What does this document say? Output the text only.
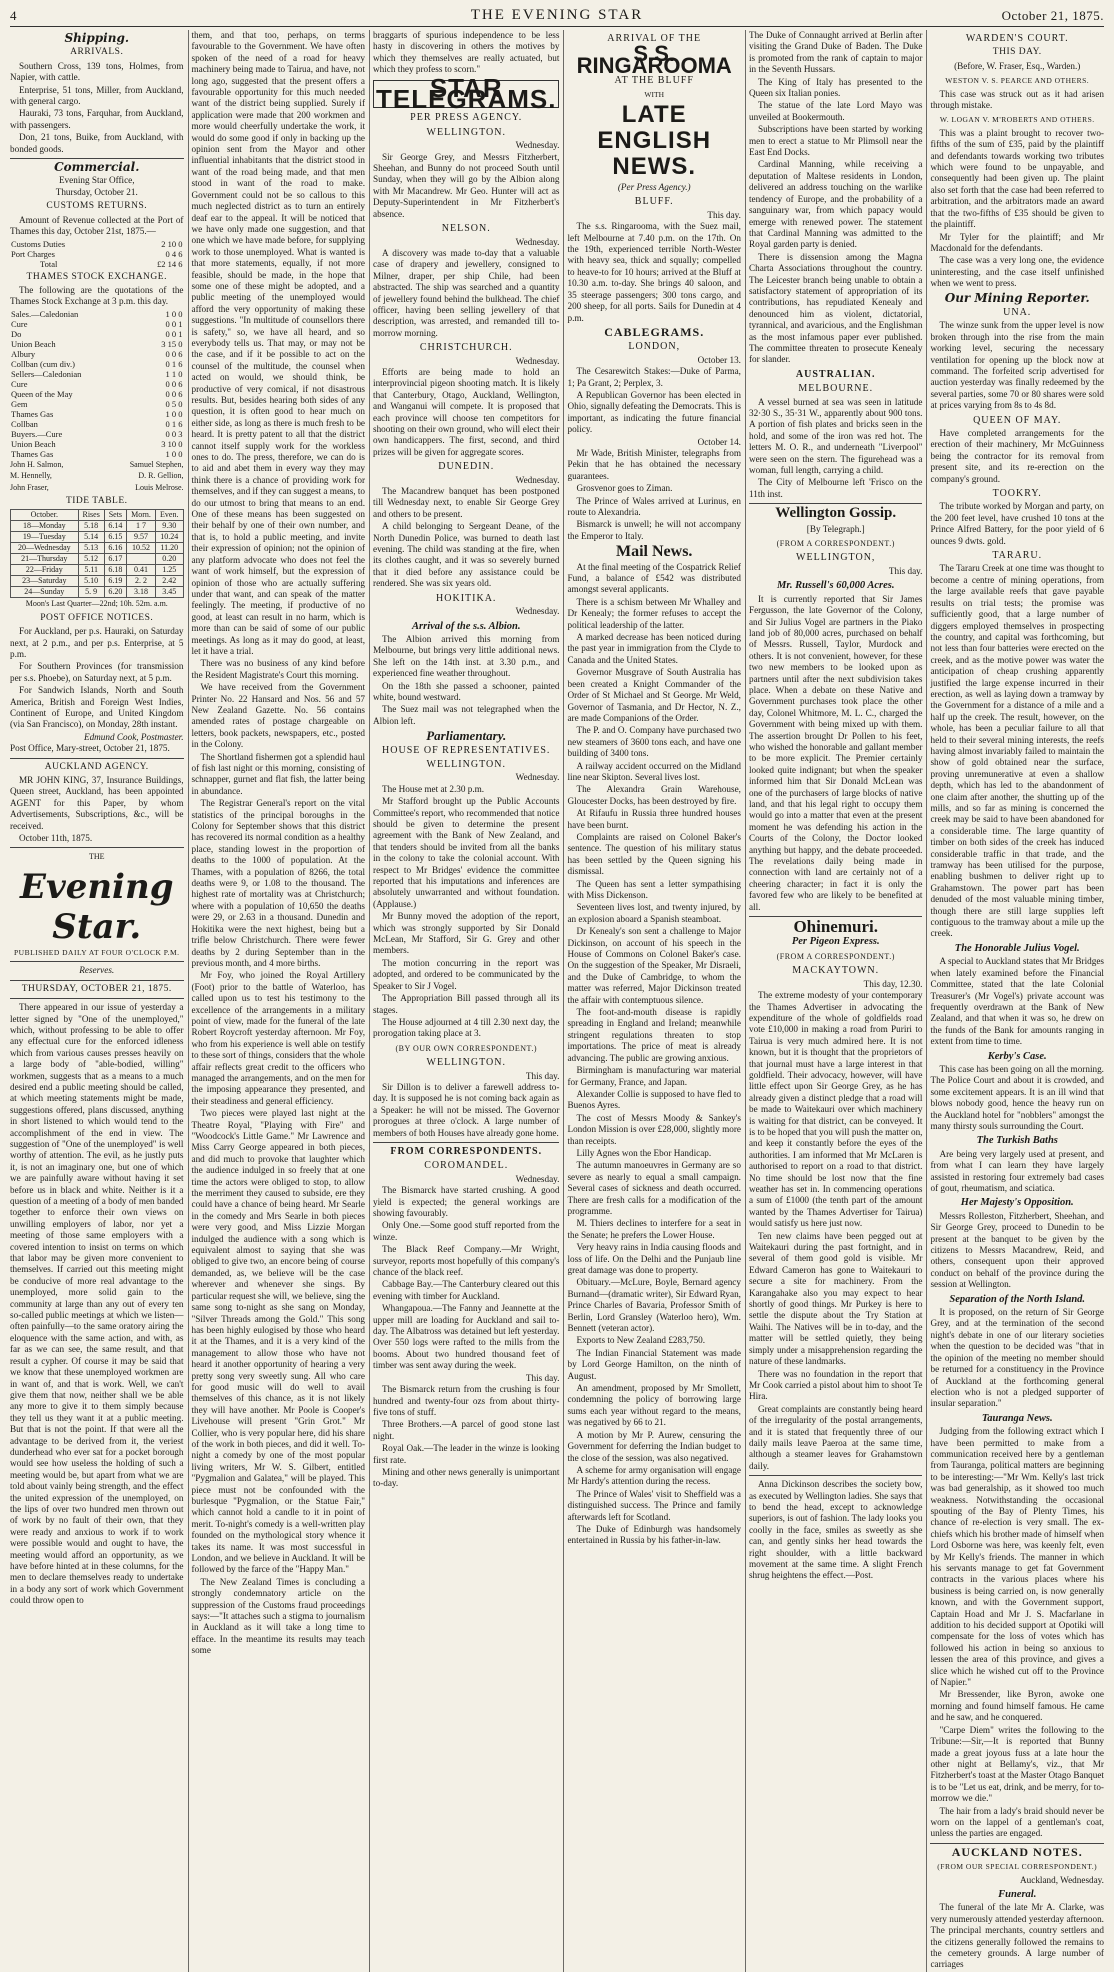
4	THE EVENING STAR	October 21, 1875.
Shipping.
ARRIVALS.

Southern Cross, 139 tons, Holmes, from Napier, with cattle.

Enterprise, 51 tons, Miller, from Auckland, with general cargo.

Hauraki, 73 tons, Farquhar, from Auckland, with passengers.

Don, 21 tons, Buike, from Auckland, with bonded goods.

Commercial.
Evening Star Office,
Thursday, October 21.
CUSTOMS RETURNS.

Amount of Revenue collected at the Port of Thames this day, October 21st, 1875.—

Customs Duties	2 10 0
Port Charges	0 4 6
Total	£2 14 6
THAMES STOCK EXCHANGE.

The following are the quotations of the Thames Stock Exchange at 3 p.m. this day.

Sales.—Caledonian	1 0 0
Cure	0 0 1
Do	0 0 1
Union Beach	3 15 0
Albury	0 0 6
Collban (cum div.)	0 1 6
Sellers—Caledonian	1 1 0
Cure	0 0 6
Queen of the May	0 0 6
Gem	0 5 0
Thames Gas	1 0 0
Collban	0 1 6
Buyers.—Cure	0 0 3
Union Beach	3 10 0
Thames Gas	1 0 0
John H. Salmon,	Samuel Stephen,
M. Hennelly,	D. R. Gellion,
John Fraser,	Louis Melrose.
TIDE TABLE.
October.	Rises	Sets	Morn.	Even.
18—Monday	5.18	6.14	1 7	9.30
19—Tuesday	5.14	6.15	9.57	10.24
20—Wednesday	5.13	6.16	10.52	11.20
21—Thursday	5.12	6.17		0.20
22—Friday	5.11	6.18	0.41	1.25
23—Saturday	5.10	6.19	2. 2	2.42
24—Sunday	5. 9	6.20	3.18	3.45
Moon's Last Quarter—22nd; 10h. 52m. a.m.
POST OFFICE NOTICES.

For Auckland, per p.s. Hauraki, on Saturday next, at 2 p.m., and per p.s. Enterprise, at 5 p.m.

For Southern Provinces (for transmission per s.s. Phoebe), on Saturday next, at 5 p.m.

For Sandwich Islands, North and South America, British and Foreign West Indies, Continent of Europe, and United Kingdom (via San Francisco), on Monday, 28th instant.

Edmund Cook, Postmaster.

Post Office, Mary-street, October 21, 1875.

AUCKLAND AGENCY.

MR JOHN KING, 37, Insurance Buildings, Queen street, Auckland, has been appointed AGENT for this Paper, by whom Advertisements, Subscriptions, &c., will be received.

October 11th, 1875.

THE
Evening Star.
PUBLISHED DAILY AT FOUR O'CLOCK P.M.
Reserves.
THURSDAY, OCTOBER 21, 1875.

There appeared in our issue of yesterday a letter signed by "One of the unemployed," which, without professing to be able to offer any effectual cure for the enforced idleness which from various causes presses heavily on a large body of "able-bodied, willing" workmen, suggests that as a means to a much desired end a public meeting should be called, at which meeting statements might be made, suggestions offered, plans discussed, anything in short listened to which would tend to the accomplishment of the end in view. The suggestion of "One of the unemployed" is well worthy of attention. The evil, as he justly puts it, is not an imaginary one, but one of which we are painfully aware without having it set before us in black and white. Neither is it a question of a meeting of a body of men banded together to enforce their own views on unwilling employers of labor, nor yet a meeting of those same employers with a covered intention to insist on terms on which that labor may be given more convenient to themselves. If carried out this meeting might be conducive of more real advantage to the unemployed, more solid gain to the community at large than any out of every ten so-called public meetings at which we listen—often painfully—to the same oratory airing the eloquence with the same action, and with, as far as we can see, the same result, and that result a cypher. Of course it may be said that we know that these unemployed workmen are in want of, and that is work. Well, we can't give them that now, neither shall we be able any more to give it to them simply because they tell us they want it at a public meeting. But that is not the point. If that were all the advantage to be derived from it, the veriest dunderhead who ever sat for a pocket borough would see how useless the holding of such a meeting would be, but apart from what we are told about vainly being strength, and the effect the united expression of the unemployed, on the lips of over two hundred men thrown out of work by no fault of their own, that they were ready and anxious to work if to work were possible would and ought to have, the meeting would afford an opportunity, as we have before hinted at in these columns, for the men to declare themselves ready to undertake in a body any sort of work which Government could throw open to

them, and that too, perhaps, on terms favourable to the Government. We have often spoken of the need of a road for heavy machinery being made to Tairua, and have, not long ago, suggested that the present offers a favourable opportunity for this much needed want of the district being supplied. Surely if application were made that 200 workmen and more would cheerfully undertake the work, it would do some good if only in backing up the opinion sent from the Mayor and other influential inhabitants that the district stood in want of the road being made, and that men stood in want of the road to make. Government could not be so callous to this much neglected district as to turn an entirely deaf ear to the appeal. It will be noticed that we have only made one suggestion, and that one which we have made before, for supplying work to those unemployed. What is wanted is that more statements, equally, if not more feasible, should be made, in the hope that some one of these might be adopted, and a public meeting of the unemployed would afford the very opportunity of making these suggestions. "In multitude of counsellors there is safety," so, we have all heard, and so everybody tells us. That may, or may not be the case, and if it be possible to act on the counsel of the multitude, the counsel when acted on would, we should think, be productive of very comical, if not disastrous results. But, besides hearing both sides of any question, it is often good to hear much on either side, as long as there is much fresh to be heard. It is pretty patent to all that the district cannot itself supply work for the workless ones to do. The press, therefore, we can do is to aid and abet them in every way they may think there is a chance of providing work for themselves, and if they can suggest a means, to do our utmost to bring that means to an end. One of these means has been suggested on their behalf by one of their own number, and that is, to hold a public meeting, and invite their expression of opinion; not the opinion of any platform advocate who does not feel the want of work himself, but the expression of opinion of those who are actually suffering under that want, and can speak of the matter feelingly. The meeting, if productive of no good, at least can result in no harm, which is more than can be said of some of our public meetings. As long as it may do good, at least, let it have a trial.

There was no business of any kind before the Resident Magistrate's Court this morning.

We have received from the Government Printer No. 22 Hansard and Nos. 56 and 57 New Zealand Gazette. No. 56 contains amended rates of postage chargeable on letters, book packets, newspapers, etc., posted in the Colony.

The Shortland fishermen got a splendid haul of fish last night or this morning, consisting of schnapper, gurnet and flat fish, the latter being in abundance.

The Registrar General's report on the vital statistics of the principal boroughs in the Colony for September shows that this district has recovered its normal condition as a healthy place, standing lowest in the proportion of deaths to the 1000 of population. At the Thames, with a population of 8266, the total deaths were 9, or 1.08 to the thousand. The highest rate of mortality was at Christchurch; where with a population of 10,650 the deaths were 29, or 2.63 in a thousand. Dunedin and Hokitika were the next highest, being but a trifle below Christchurch. There were fewer deaths by 2 during September than in the previous month, and 4 more births.

Mr Foy, who joined the Royal Artillery (Foot) prior to the battle of Waterloo, has called upon us to test his testimony to the excellence of the arrangements in a military point of view, made for the funeral of the late Robert Roycroft yesterday afternoon. Mr Foy, who from his experience is well able on testify to these sort of things, considers that the whole affair reflects great credit to the officers who managed the arrangements, and on the men for the imposing appearance they presented, and their steadiness and general efficiency.

Two pieces were played last night at the Theatre Royal, "Playing with Fire" and "Woodcock's Little Game." Mr Lawrence and Miss Carry George appeared in both pieces, and did much to provoke that laughter which the audience indulged in so freely that at one time the actors were obliged to stop, to allow the merriment they caused to subside, ere they could have a chance of being heard. Mr Searle in the comedy and Mrs Searle in both pieces were very good, and Miss Lizzie Morgan indulged the audience with a song which is equivalent almost to saying that she was obliged to give two, an encore being of course demanded, as, we believe will be the case wherever and whenever she sings. By particular request she will, we believe, sing the same song to-night as she sang on Monday, "Silver Threads among the Gold." This song has been highly eulogised by those who heard it at the Thames, and it is a very kind of the management to allow those who have not heard it another opportunity of hearing a very pretty song very sweetly sung. All who care for good music will do well to avail themselves of this chance, as it is not likely they will have another. Mr Poole is Cooper's Livehouse will present "Grin Grot." Mr Collier, who is very popular here, did his share of the work in both pieces, and did it well. To-night a comedy by one of the most popular living writers, Mr W. S. Gilbert, entitled "Pygmalion and Galatea," will be played. This piece must not be confounded with the burlesque "Pygmalion, or the Statue Fair," which cannot hold a candle to it in point of merit. To-night's comedy is a well-written play founded on the mythological story whence it takes its name. It was most successful in London, and we believe in Auckland. It will be followed by the farce of the "Happy Man."

The New Zealand Times is concluding a strongly condemnatory article on the suppression of the Customs fraud proceedings says:—"It attaches such a stigma to journalism in Auckland as it will take a long time to efface. In the meantime its results may teach some

braggarts of spurious independence to be less hasty in discovering in others the motives by which they themselves are really actuated, but which they profess to scorn."

STAR TELEGRAMS.
PER PRESS AGENCY.
WELLINGTON.
Wednesday.

Sir George Grey, and Messrs Fitzherbert, Sheehan, and Bunny do not proceed South until Sunday, when they will go by the Albion along with Mr Macandrew. Mr Geo. Hunter will act as Deputy-Superintendent in Mr Fitzherbert's absence.

NELSON.
Wednesday.

A discovery was made to-day that a valuable case of drapery and jewellery, consigned to Milner, draper, per ship Chile, had been abstracted. The ship was searched and a quantity of jewellery found behind the bulkhead. The chief officer, having been selling jewellery of that description, was arrested, and remanded till to-morrow morning.

CHRISTCHURCH.
Wednesday.

Efforts are being made to hold an interprovincial pigeon shooting match. It is likely that Canterbury, Otago, Auckland, Wellington, and Wanganui will compete. It is proposed that each province will choose ten competitors for shooting on their own ground, who will elect their own handicappers. The first, second, and third prizes will be given for aggregate scores.

DUNEDIN.
Wednesday.

The Macandrew banquet has been postponed till Wednesday next, to enable Sir George Grey and others to be present.

A child belonging to Sergeant Deane, of the North Dunedin Police, was burned to death last evening. The child was standing at the fire, when its clothes caught, and it was so severely burned that it died before any assistance could be rendered. She was six years old.

HOKITIKA.
Wednesday.
Arrival of the s.s. Albion.

The Albion arrived this morning from Melbourne, but brings very little additional news. She left on the 14th inst. at 3.30 p.m., and experienced fine weather throughout.

On the 18th she passed a schooner, painted white, bound westward.

The Suez mail was not telegraphed when the Albion left.

Parliamentary.
HOUSE OF REPRESENTATIVES.
WELLINGTON.
Wednesday.

The House met at 2.30 p.m.

Mr Stafford brought up the Public Accounts Committee's report, who recommended that notice should be given to determine the present agreement with the Bank of New Zealand, and that tenders should be invited from all the banks in the colony to take the colonial account. With respect to Mr Bridges' evidence the committee reported that his imputations and inferences are absolutely unwarranted and without foundation. (Applause.)

Mr Bunny moved the adoption of the report, which was strongly supported by Sir Donald McLean, Mr Stafford, Sir G. Grey and other members.

The motion concurring in the report was adopted, and ordered to be communicated by the Speaker to Sir J Vogel.

The Appropriation Bill passed through all its stages.

The House adjourned at 4 till 2.30 next day, the prorogation taking place at 3.

(BY OUR OWN CORRESPONDENT.)
WELLINGTON.
This day.

Sir Dillon is to deliver a farewell address to-day. It is supposed he is not coming back again as a Speaker: he will not be missed. The Governor prorogues at three o'clock. A large number of members of both Houses have already gone home.

FROM CORRESPONDENTS.
COROMANDEL.
Wednesday.

The Bismarck have started crushing. A good yield is expected; the general workings are showing favourably.

Only One.—Some good stuff reported from the winze.

The Black Reef Company.—Mr Wright, surveyor, reports most hopefully of this company's chance of the black reef.

Cabbage Bay.—The Canterbury cleared out this evening with timber for Auckland.

Whangapoua.—The Fanny and Jeannette at the upper mill are loading for Auckland and sail to-day. The Albatross was detained but left yesterday. Over 550 logs were rafted to the mills from the booms. About two hundred thousand feet of timber was sent away during the week.

This day.

The Bismarck return from the crushing is four hundred and twenty-four ozs from about thirty-five tons of stuff.

Three Brothers.—A parcel of good stone last night.

Royal Oak.—The leader in the winze is looking first rate.

Mining and other news generally is unimportant to-day.

ARRIVAL OF THE
S.S. RINGAROOMA
AT THE BLUFF
WITH
LATE ENGLISH NEWS.
(Per Press Agency.)
BLUFF.
This day.

The s.s. Ringarooma, with the Suez mail, left Melbourne at 7.40 p.m. on the 17th. On the 19th, experienced terrible North-Wester with heavy sea, thick and squally; compelled to heave-to for 10 hours; arrived at the Bluff at 10.30 a.m. to-day. She brings 40 saloon, and 35 steerage passengers; 300 tons cargo, and 200 sheep, for all ports. Sails for Dunedin at 4 p.m.

CABLEGRAMS.
LONDON,
October 13.

The Cesarewitch Stakes:—Duke of Parma, 1; Pa Grant, 2; Perplex, 3.

A Republican Governor has been elected in Ohio, signally defeating the Democrats. This is important, as indicating the future financial policy.

October 14.

Mr Wade, British Minister, telegraphs from Pekin that he has obtained the necessary guarantees.

Grosvenor goes to Ziman.

The Prince of Wales arrived at Lurinus, en route to Alexandria.

Bismarck is unwell; he will not accompany the Emperor to Italy.

Mail News.

At the final meeting of the Cospatrick Relief Fund, a balance of £542 was distributed amongst several applicants.

There is a schism between Mr Whalley and Dr Kenealy; the former refuses to accept the political leadership of the latter.

A marked decrease has been noticed during the past year in immigration from the Clyde to Canada and the United States.

Governor Musgrave of South Australia has been created a Knight Commander of the Order of St Michael and St George. Mr Weld, Governor of Tasmania, and Dr Hector, N. Z., are made Companions of the Order.

The P. and O. Company have purchased two new steamers of 3600 tons each, and have one building of 3400 tons.

A railway accident occurred on the Midland line near Skipton. Several lives lost.

The Alexandra Grain Warehouse, Gloucester Docks, has been destroyed by fire.

At Rifaufu in Russia three hundred houses have been burnt.

Complaints are raised on Colonel Baker's sentence. The question of his military status has been settled by the Queen signing his dismissal.

The Queen has sent a letter sympathising with Miss Dickenson.

Seventeen lives lost, and twenty injured, by an explosion aboard a Spanish steamboat.

Dr Kenealy's son sent a challenge to Major Dickinson, on account of his speech in the House of Commons on Colonel Baker's case. On the suggestion of the Speaker, Mr Disraeli, and the Duke of Cambridge, to whom the matter was referred, Major Dickinson treated the affair with contemptuous silence.

The foot-and-mouth disease is rapidly spreading in England and Ireland; meanwhile stringent regulations threaten to stop importations. The price of meat is already advancing. The public are growing anxious.

Birmingham is manufacturing war material for Germany, France, and Japan.

Alexander Collie is supposed to have fled to Buenos Ayres.

The cost of Messrs Moody & Sankey's London Mission is over £28,000, slightly more than receipts.

Lilly Agnes won the Ebor Handicap.

The autumn manoeuvres in Germany are so severe as nearly to equal a small campaign. Several cases of sickness and death occurred. There are fresh calls for a modification of the programme.

M. Thiers declines to interfere for a seat in the Senate; he prefers the Lower House.

Very heavy rains in India causing floods and loss of life. On the Delhi and the Punjaub line great damage was done to property.

Obituary.—McLure, Boyle, Bernard agency Burnand—(dramatic writer), Sir Edward Ryan, Prince Charles of Bavaria, Professor Smith of Berlin, Lord Gransley (Waterloo hero), Wm. Bennett (veteran actor).

Exports to New Zealand £283,750.

The Indian Financial Statement was made by Lord George Hamilton, on the ninth of August.

An amendment, proposed by Mr Smollett, condemning the policy of borrowing large sums each year without regard to the means, was negatived by 66 to 21.

A motion by Mr P. Aurew, censuring the Government for deferring the Indian budget to the close of the session, was also negatived.

A scheme for army organisation will engage Mr Hardy's attention during the recess.

The Prince of Wales' visit to Sheffield was a distinguished success. The Prince and family afterwards left for Scotland.

The Duke of Edinburgh was handsomely entertained in Russia by his father-in-law.

The Duke of Connaught arrived at Berlin after visiting the Grand Duke of Baden. The Duke is promoted from the rank of captain to major in the Seventh Hussars.

The King of Italy has presented to the Queen six Italian ponies.

The statue of the late Lord Mayo was unveiled at Bookermouth.

Subscriptions have been started by working men to erect a statue to Mr Plimsoll near the East End Docks.

Cardinal Manning, while receiving a deputation of Maltese residents in London, delivered an address touching on the warlike tendency of Europe, and the probability of a sanguinary war, from which papacy would emerge with renewed power. The statement that Cardinal Manning was admitted to the Royal garden party is denied.

There is dissension among the Magna Charta Associations throughout the country. The Leicester branch being unable to obtain a satisfactory statement of appropriation of its contributions, has repudiated Kenealy and denounced him as violent, dictatorial, tyrannical, and avaricious, and the Englishman as the most infamous paper ever published. The committee threaten to prosecute Kenealy for slander.

AUSTRALIAN.
MELBOURNE.

A vessel burned at sea was seen in latitude 32·30 S., 35·31 W., apparently about 900 tons. A portion of fish plates and bricks seen in the hold, and some of the iron was red hot. The letters M. O. R., and underneath "Liverpool" were seen on the stern. The figurehead was a woman, full length, carrying a child.

The City of Melbourne left 'Frisco on the 11th inst.

Wellington Gossip.
[By Telegraph.]
(FROM A CORRESPONDENT.)
WELLINGTON,
This day.
Mr. Russell's 60,000 Acres.

It is currently reported that Sir James Fergusson, the late Governor of the Colony, and Sir Julius Vogel are partners in the Piako land job of 80,000 acres, purchased on behalf of Messrs. Russell, Taylor, Murdock and others. It is not convenient, however, for these two new members to be looked upon as partners until after the next subdivision takes place. When a debate on these Native and Government purchases took place the other day, Colonel Whitmore, M. L. C., charged the Government with being mixed up with them. The assertion brought Dr Pollen to his feet, who wished the honorable and gallant member to be more explicit. The Premier certainly looked quite indignant; but when the speaker informed him that Sir Donald McLean was one of the purchasers of large blocks of native land, and that his legal right to occupy them would go into a matter that even at the present moment he was defending his action in the Courts of the Colony, the Doctor looked anything but happy, and the debate proceeded. The revelations daily being made in connection with land are certainly not of a cheering character; in fact it is only the favored few who are likely to be benefited at all.

Ohinemuri.
Per Pigeon Express.
(FROM A CORRESPONDENT.)
MACKAYTOWN.
This day, 12.30.

The extreme modesty of your contemporary the Thames Advertiser in advocating the expenditure of the whole of goldfields road vote £10,000 in making a road from Puriri to Tairua is very much admired here. It is not known, but it is thought that the proprietors of that journal must have a large interest in that goldfield. Their advocacy, however, will have little effect upon Sir George Grey, as he has already given a distinct pledge that a road will be made to Waitekauri over which machinery is waiting for that district, can be conveyed. It is to be hoped that you will push the matter on, and keep it constantly before the eyes of the authorities. I am informed that Mr McLaren is authorised to report on a road to that district. No time should be lost now that the fine weather has set in. In commencing operations a sum of £1000 (the tenth part of the amount wanted by the Thames Advertiser for Tairua) would satisfy us here just now.

Ten new claims have been pegged out at Waitekauri during the past fortnight, and in several of them good gold is visible. Mr Edward Cameron has gone to Waitekauri to secure a site for machinery. From the Karangahake also you may expect to hear shortly of good things. Mr Purkey is here to settle the dispute about the Try Station at Waihi. The Natives will be in to-day, and the matter will be settled quietly, they being simply under a misapprehension regarding the nature of these landmarks.

There was no foundation in the report that Mr Cook carried a pistol about him to shoot Te Hira.

Great complaints are constantly being heard of the irregularity of the postal arrangements, and it is stated that frequently three of our daily mails leave Paeroa at the same time, although a steamer leaves for Grahamstown daily.

Anna Dickinson describes the society bow, as executed by Wellington ladies. She says that to bend the head, except to acknowledge superiors, is out of fashion. The lady looks you coolly in the face, smiles as sweetly as she can, and gently sinks her head towards the right shoulder, with a little backward movement at the same time. A slight French shrug heightens the effect.—Post.

WARDEN'S COURT.
THIS DAY.
(Before, W. Fraser, Esq., Warden.)
WESTON V. S. PEARCE AND OTHERS.

This case was struck out as it had arisen through mistake.

W. LOGAN V. M'ROBERTS AND OTHERS.

This was a plaint brought to recover two-fifths of the sum of £35, paid by the plaintiff and defendants towards working two tributes which were found to be unpayable, and consequently had been given up. The plaint also set forth that the case had been referred to arbitration, and the arbitrators made an award that the two-fifths of £35 should be given to the plaintiff.

Mr Tyler for the plaintiff; and Mr Macdonald for the defendants.

The case was a very long one, the evidence uninteresting, and the case itself unfinished when we went to press.

Our Mining Reporter.
UNA.

The winze sunk from the upper level is now broken through into the rise from the main working level, securing the necessary ventilation for opening up the block now at command. The forfeited scrip advertised for auction yesterday was finally redeemed by the several parties, some 70 or 80 shares were sold at prices varying from 8s to 4s 8d.

QUEEN OF MAY.

Have completed arrangements for the erection of their machinery, Mr McGuinness being the contractor for its removal from present site, and its re-erection on the company's ground.

TOOKRY.

The tribute worked by Morgan and party, on the 200 feet level, have crushed 10 tons at the Prince Alfred Battery, for the poor yield of 6 ounces 9 dwts. gold.

TARARU.

The Tararu Creek at one time was thought to become a centre of mining operations, from the large available reefs that gave payable results on trial tests; the promise was sufficiently good, that a large number of diggers employed themselves in prospecting the country, and capital was forthcoming, but not less than four batteries were erected on the creek, and as the motive power was water the anticipation of cheap crushing apparently justified the large expense incurred in their erection, as well as laying down a tramway by the Government for a distance of a mile and a half up the creek. The result, however, on the whole, has been a peculiar failure to all that held to their several mining interests, the reefs having almost invariably failed to maintain the show of gold obtained near the surface, proving unremunerative at even a shallow depth, which has led to the abandonment of one claim after another, the shutting up of the mills, and so far as mining is concerned the creek may be said to have been abandoned for a considerable time. The large quantity of timber on both sides of the creek has induced considerable traffic in that trade, and the tramway has been utilised for the purpose, enabling bushmen to deliver right up to Grahamstown. The power part has been denuded of the most valuable mining timber, though there are still large supplies left contiguous to the tramway about a mile up the creek.

The Honorable Julius Vogel.

A special to Auckland states that Mr Bridges when lately examined before the Financial Committee, stated that the late Colonial Treasurer's (Mr Vogel's) private account was frequently overdrawn at the Bank of New Zealand, and that when it was so, he drew on the funds of the Bank for amounts ranging in extent from time to time.

Kerby's Case.

This case has been going on all the morning. The Police Court and about it is crowded, and some excitement appears. It is an ill wind that blows nobody good, hence the heavy run on the Auckland hotel for "nobblers" amongst the many thirsty souls surrounding the Court.

The Turkish Baths

Are being very largely used at present, and from what I can learn they have largely assisted in restoring four extremely bad cases of gout, rheumatism, and sciatica.

Her Majesty's Opposition.

Messrs Rolleston, Fitzherbert, Sheehan, and Sir George Grey, proceed to Dunedin to be present at the banquet to be given by the citizens to Messrs Macandrew, Reid, and others, consequent upon their approved conduct on behalf of the province during the session at Wellington.

Separation of the North Island.

It is proposed, on the return of Sir George Grey, and at the termination of the second night's debate in one of our literary societies when the question to be decided was "that in the opinion of the meeting no member should be returned for a constituency in the Province of Auckland at the forthcoming general election who is not a pledged supporter of insular separation."

Tauranga News.

Judging from the following extract which I have been permitted to make from a communication received here by a gentleman from Tauranga, political matters are beginning to be interesting:—"Mr Wm. Kelly's last trick was bad generalship, as it showed too much weakness. Notwithstanding the occasional spouting of the Bay of Plenty Times, his chance of re-election is very small. The ex-chiefs which his brother made of himself when Lord Osborne was here, was keenly felt, even by Mr Kelly's friends. The manner in which his servants manage to get fat Government contracts in the various places where his business is being carried on, is now generally known, and with the Government support, Captain Hoad and Mr J. S. Macfarlane in addition to his decided support at Opotiki will compensate for the loss of votes which has followed his action in being so anxious to lessen the area of this province, and gives a slice which he wished cut off to the Province of Napier."

Mr Bressender, like Byron, awoke one morning and found himself famous. He came and he saw, and he conquered.

"Carpe Diem" writes the following to the Tribune:—Sir,—It is reported that Bunny made a great joyous fuss at a late hour the other night at Bellamy's, viz., that Mr Fitzherbert's toast at the Master Otago Banquet is to be "Let us eat, drink, and be merry, for to-morrow we die."

The hair from a lady's braid should never be worn on the lappel of a gentleman's coat, unless the parties are engaged.

AUCKLAND NOTES.
(FROM OUR SPECIAL CORRESPONDENT.)
Auckland, Wednesday.
Funeral.

The funeral of the late Mr A. Clarke, was very numerously attended yesterday afternoon. The principal merchants, country settlers and the citizens generally followed the remains to the cemetery grounds. A large number of carriages
